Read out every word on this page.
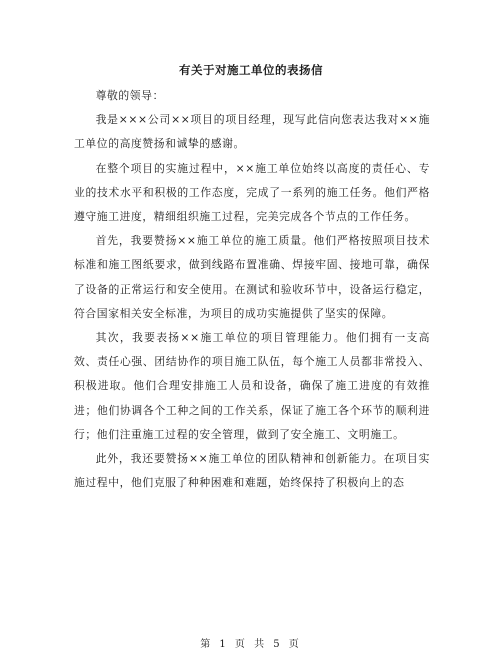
有关于对施工单位的表扬信

尊敬的领导：

我是×××公司××项目的项目经理，现写此信向您表达我对××施工单位的高度赞扬和诚挚的感谢。

在整个项目的实施过程中，××施工单位始终以高度的责任心、专业的技术水平和积极的工作态度，完成了一系列的施工任务。他们严格遵守施工进度，精细组织施工过程，完美完成各个节点的工作任务。

首先，我要赞扬××施工单位的施工质量。他们严格按照项目技术标准和施工图纸要求，做到线路布置准确、焊接牢固、接地可靠，确保了设备的正常运行和安全使用。在测试和验收环节中，设备运行稳定，符合国家相关安全标准，为项目的成功实施提供了坚实的保障。

其次，我要表扬××施工单位的项目管理能力。他们拥有一支高效、责任心强、团结协作的项目施工队伍，每个施工人员都非常投入、积极进取。他们合理安排施工人员和设备，确保了施工进度的有效推进；他们协调各个工种之间的工作关系，保证了施工各个环节的顺利进行；他们注重施工过程的安全管理，做到了安全施工、文明施工。

此外，我还要赞扬××施工单位的团队精神和创新能力。在项目实施过程中，他们克服了种种困难和难题，始终保持了积极向上的态

第 1 页 共 5 页
